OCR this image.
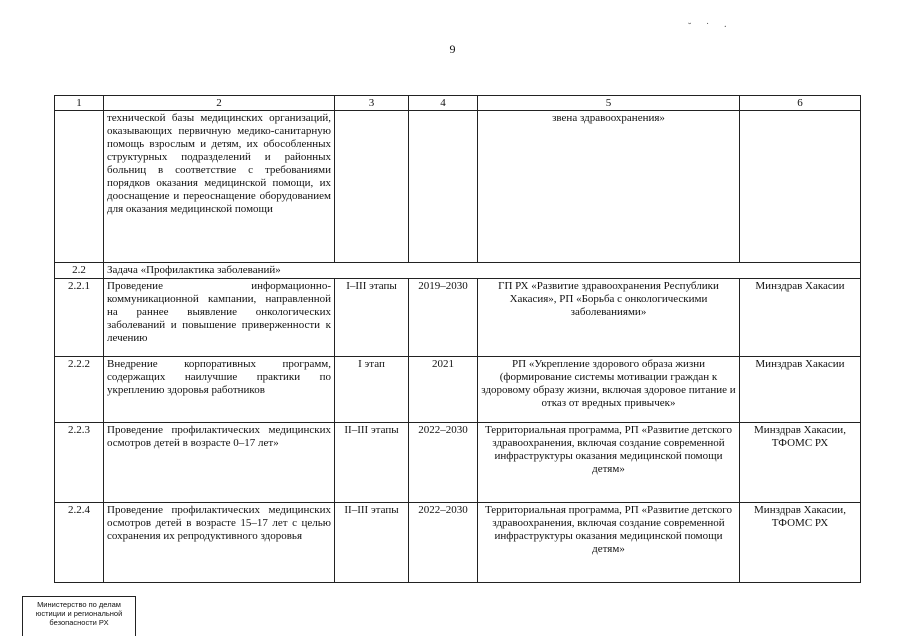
9
˘ ˙ ·
1	2	3	4	5	6
	технической базы медицинских организаций, оказывающих первичную медико-санитарную помощь взрослым и детям, их обособленных структурных подразделений и районных больниц в соответствие с требованиями порядков оказания медицинской помощи, их дооснащение и переоснащение оборудованием для оказания медицинской помощи			звена здравоохранения»	
2.2	Задача «Профилактика заболеваний»				
2.2.1	Проведение информационно-коммуникационной кампании, направленной на раннее выявление онкологических заболеваний и повышение приверженности к лечению	I–III этапы	2019–2030	ГП РХ «Развитие здравоохранения Республики Хакасия», РП «Борьба с онкологическими заболеваниями»	Минздрав Хакасии
2.2.2	Внедрение корпоративных программ, содержащих наилучшие практики по укреплению здоровья работников	I этап	2021	РП «Укрепление здорового образа жизни (формирование системы мотивации граждан к здоровому образу жизни, включая здоровое питание и отказ от вредных привычек»	Минздрав Хакасии
2.2.3	Проведение профилактических медицинских осмотров детей в возрасте 0–17 лет»	II–III этапы	2022–2030	Территориальная программа, РП «Развитие детского здравоохранения, включая создание современной инфраструктуры оказания медицинской помощи детям»	Минздрав Хакасии, ТФОМС РХ
2.2.4	Проведение профилактических медицинских осмотров детей в возрасте 15–17 лет с целью сохранения их репродуктивного здоровья	II–III этапы	2022–2030	Территориальная программа, РП «Развитие детского здравоохранения, включая создание современной инфраструктуры оказания медицинской помощи детям»	Минздрав Хакасии, ТФОМС РХ
Министерство по делам
юстиции и региональной
безопасности РХ
